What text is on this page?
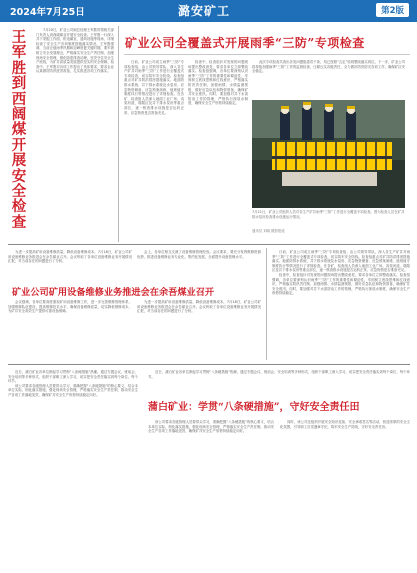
2024年7月25日	潞安矿工	第2版
王
军
胜
到
西
阔
煤
开
展
安
全
检
查

7月20日，矿业公司副总经理王军胜带领相关部门负责人到西阔煤业开展安全检查。王军胜一行深入井下采掘工作面、机电硐室、通风设施等现场，详细检查了安全生产各项制度措施落实情况。王军胜强调，当前正值雨季汛期和迎峰度夏关键时期，要牢固树立安全发展理念，严格落实安全生产责任制，加强现场安全管理，强化隐患排查治理，坚决守住安全生产底线，为矿井高质量发展提供坚实的安全保障。检查中，王军胜对各项工作提出了具体要求，要求企业认真做好防汛度汛准备，扎实推进各项工作落实。

矿业公司全覆盖式开展雨季“三防”专项检查

日前，矿业公司成立雨季“三防”专项检查组，由公司领导带队，深入各生产矿井对雨季“三防”工作进行全覆盖式专项检查，切实筑牢安全防线。检查组重点对矿井防洪排涝措施落实、地面防排水系统、井下排水系统及水泵房、应急物资储备、应急预案演练、值班值守制度执行等情况进行了详细检查。在各矿，检查组人员深入地面工业广场、沟渠河道、塌陷区及井下排水泵房等重点部位，逐一核查排水设施是否运转正常、应急物资是否准备充足。

检查中，检查组针对发现的问题现场提出整改意见，要求各单位立即整改落实。检查组强调，各单位要深刻认识雨季“三防”工作的重要性和紧迫性，牢固树立底线思维和红线意识，严格落实防汛责任制，加强雨情、水情监测预报，做好应急队伍和物资准备，确保矿井安全度汛。同时，要加强对井下水害防治工作的管理，严格执行探放水制度，确保安全生产形势持续稳定。

此次专项检查共查出各类问题隐患若干条，均已按照“五定”原则整改落实到位。下一步，矿业公司将持续加强雨季“三防”工作的监督检查，压紧压实各级责任，全力做好防汛防灾各项工作，确保矿区安全稳定。

7月21日，矿业公司组织人员对各生产矿井雨季“三防”工作进行全覆盖专项检查。图为检查人员在矿井排水泵房检查排水设施运行情况。
通讯员 刘晓 摄影报道

为进一步提高矿用设备维修质量，降低设备维修成本，7月18日，矿业公司矿用设备维修业务推进会在余吾煤业召开。会议听取了各单位设备维修业务开展情况汇报，对当前存在的问题进行了分析。

会上，各单位相互交流了设备维修管理经验。会议要求，要充分发挥维修资源优势，推进设备维修业务专业化、集约化发展，全面提升设备管理水平。

矿业公司矿用设备维修业务推进会在余吾煤业召开

会议强调，各单位要高度重视矿用设备维修工作，进一步完善维修管理体系，加强维修队伍建设，提高维修技术水平，确保设备维修质量，切实降低维修成本，为矿井安全高效生产提供可靠设备保障。

为进一步提高矿用设备维修质量，降低设备维修成本，7月18日，矿业公司矿用设备维修业务推进会在余吾煤业召开。会议听取了各单位设备维修业务开展情况汇报，对当前存在的问题进行了分析。

日前，矿业公司成立雨季“三防”专项检查组，由公司领导带队，深入各生产矿井对雨季“三防”工作进行全覆盖式专项检查，切实筑牢安全防线。检查组重点对矿井防洪排涝措施落实、地面防排水系统、井下排水系统及水泵房、应急物资储备、应急预案演练、值班值守制度执行等情况进行了详细检查。在各矿，检查组人员深入地面工业广场、沟渠河道、塌陷区及井下排水泵房等重点部位，逐一核查排水设施是否运转正常、应急物资是否准备充足。

检查中，检查组针对发现的问题现场提出整改意见，要求各单位立即整改落实。检查组强调，各单位要深刻认识雨季“三防”工作的重要性和紧迫性，牢固树立底线思维和红线意识，严格落实防汛责任制，加强雨情、水情监测预报，做好应急队伍和物资准备，确保矿井安全度汛。同时，要加强对井下水害防治工作的管理，严格执行探放水制度，确保安全生产形势持续稳定。

近日，蒲白矿业各单位掀起学习贯彻“八条硬措施”热潮，通过专题会议、班前会、安全培训等多种形式，组织干部职工深入学习，切实把安全责任落实到每个岗位、每个环节。

该公司要求各级管理人员要带头学习，准确把握“八条硬措施”的核心要义，结合本单位实际，细化落实措施，强化现场安全管理，严格落实安全生产责任制，推动安全生产各项工作落地见效，确保矿井安全生产形势持续稳定向好。

蒲白矿业：学贯“八条硬措施”，守好安全责任田

该公司要求各级管理人员要带头学习，准确把握“八条硬措施”的核心要义，结合本单位实际，细化落实措施，强化现场安全管理，严格落实安全生产责任制，推动安全生产各项工作落地见效，确保矿井安全生产形势持续稳定向好。

同时，该公司还组织开展安全知识竞赛、安全承诺签名等活动，营造浓厚的安全文化氛围，引导职工自觉遵章守纪，筑牢安全生产防线，守好安全责任田。

近日，蒲白矿业各单位掀起学习贯彻“八条硬措施”热潮，通过专题会议、班前会、安全培训等多种形式，组织干部职工深入学习，切实把安全责任落实到每个岗位、每个环节。
